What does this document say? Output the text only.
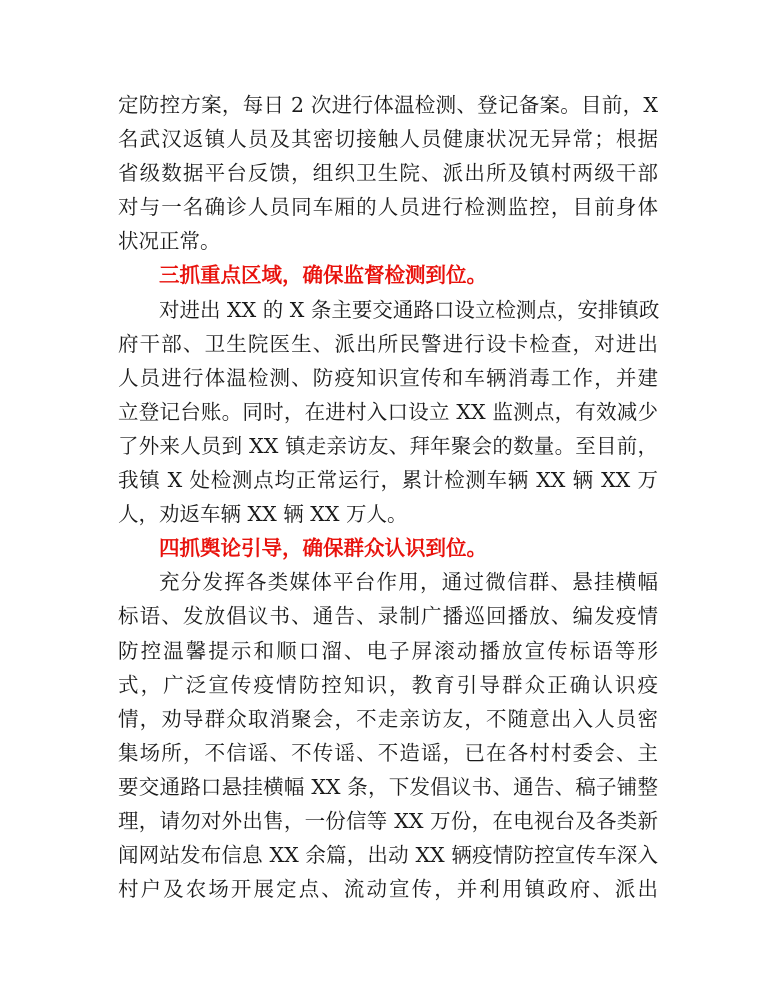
定防控方案，每日 2 次进行体温检测、登记备案。目前，X
名武汉返镇人员及其密切接触人员健康状况无异常；根据
省级数据平台反馈，组织卫生院、派出所及镇村两级干部
对与一名确诊人员同车厢的人员进行检测监控，目前身体
状况正常。
三抓重点区域，确保监督检测到位。
对进出 XX 的 X 条主要交通路口设立检测点，安排镇政
府干部、卫生院医生、派出所民警进行设卡检查，对进出
人员进行体温检测、防疫知识宣传和车辆消毒工作，并建
立登记台账。同时，在进村入口设立 XX 监测点，有效减少
了外来人员到 XX 镇走亲访友、拜年聚会的数量。至目前，
我镇 X 处检测点均正常运行，累计检测车辆 XX 辆 XX 万
人，劝返车辆 XX 辆 XX 万人。
四抓舆论引导，确保群众认识到位。
充分发挥各类媒体平台作用，通过微信群、悬挂横幅
标语、发放倡议书、通告、录制广播巡回播放、编发疫情
防控温馨提示和顺口溜、电子屏滚动播放宣传标语等形
式，广泛宣传疫情防控知识，教育引导群众正确认识疫
情，劝导群众取消聚会，不走亲访友，不随意出入人员密
集场所，不信谣、不传谣、不造谣，已在各村村委会、主
要交通路口悬挂横幅 XX 条，下发倡议书、通告、稿子铺整
理，请勿对外出售，一份信等 XX 万份，在电视台及各类新
闻网站发布信息 XX 余篇，出动 XX 辆疫情防控宣传车深入
村户及农场开展定点、流动宣传，并利用镇政府、派出
